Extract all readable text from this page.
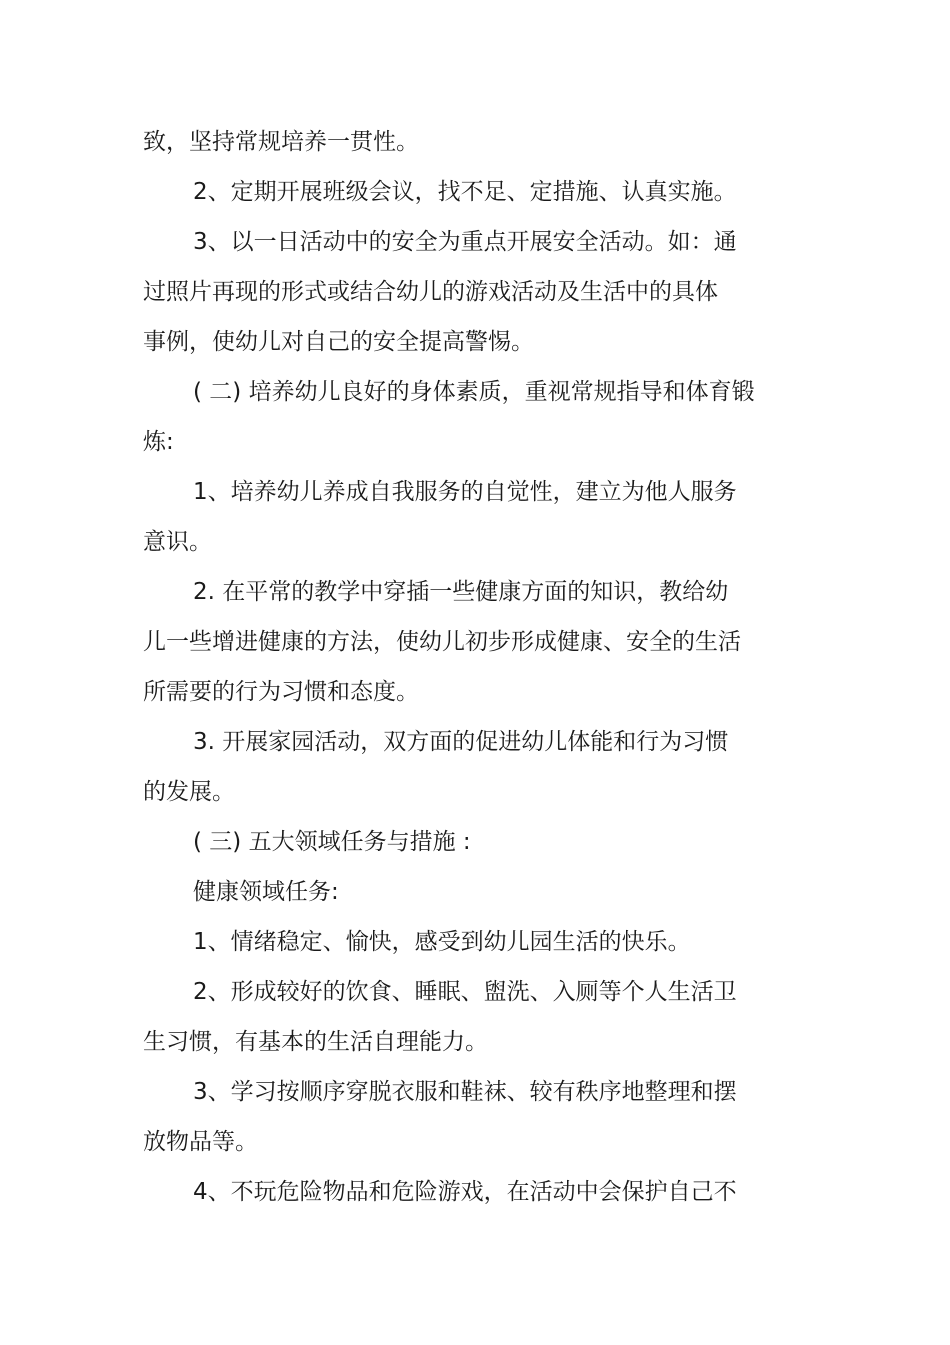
致，坚持常规培养一贯性。
2、定期开展班级会议，找不足、定措施、认真实施。
3、以一日活动中的安全为重点开展安全活动。如：通
过照片再现的形式或结合幼儿的游戏活动及生活中的具体
事例，使幼儿对自己的安全提高警惕。
( 二) 培养幼儿良好的身体素质，重视常规指导和体育锻
炼:
1、培养幼儿养成自我服务的自觉性，建立为他人服务
意识。
2. 在平常的教学中穿插一些健康方面的知识，教给幼
儿一些增进健康的方法，使幼儿初步形成健康、安全的生活
所需要的行为习惯和态度。
3. 开展家园活动，双方面的促进幼儿体能和行为习惯
的发展。
( 三) 五大领域任务与措施 :
健康领域任务:
1、情绪稳定、愉快，感受到幼儿园生活的快乐。
2、形成较好的饮食、睡眠、盥洗、入厕等个人生活卫
生习惯，有基本的生活自理能力。
3、学习按顺序穿脱衣服和鞋袜、较有秩序地整理和摆
放物品等。
4、不玩危险物品和危险游戏，在活动中会保护自己不
